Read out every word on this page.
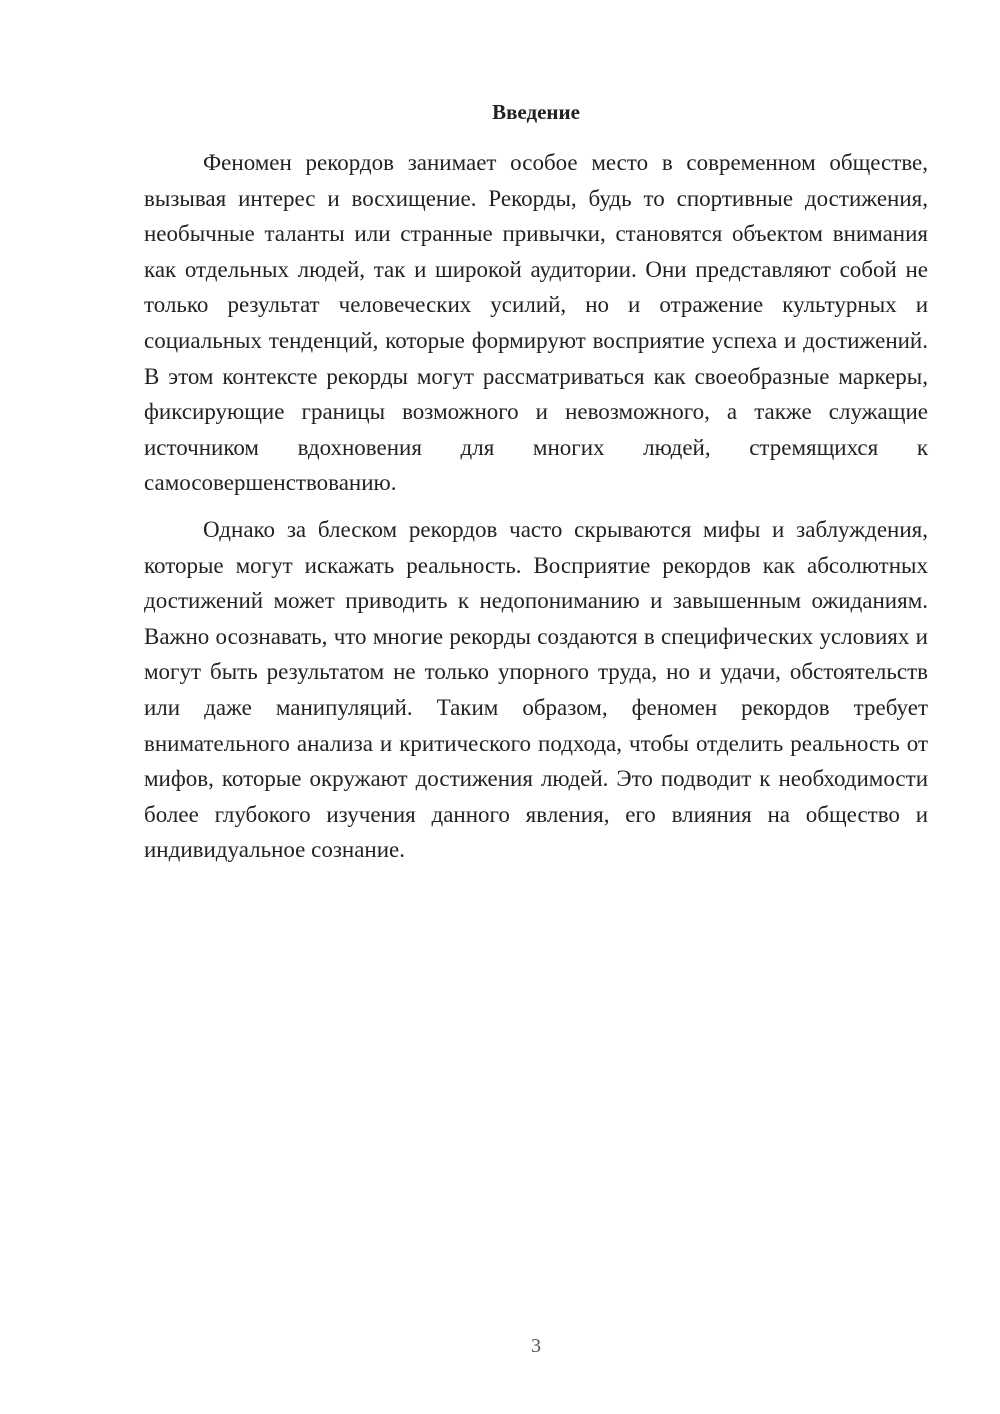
Введение

Феномен рекордов занимает особое место в современном обществе, вызывая интерес и восхищение. Рекорды, будь то спортивные достижения, необычные таланты или странные привычки, становятся объектом внимания как отдельных людей, так и широкой аудитории. Они представляют собой не только результат человеческих усилий, но и отражение культурных и социальных тенденций, которые формируют восприятие успеха и достижений. В этом контексте рекорды могут рассматриваться как своеобразные маркеры, фиксирующие границы возможного и невозможного, а также служащие источником вдохновения для многих людей, стремящихся к самосовершенствованию.

Однако за блеском рекордов часто скрываются мифы и заблуждения, которые могут искажать реальность. Восприятие рекордов как абсолютных достижений может приводить к недопониманию и завышенным ожиданиям. Важно осознавать, что многие рекорды создаются в специфических условиях и могут быть результатом не только упорного труда, но и удачи, обстоятельств или даже манипуляций. Таким образом, феномен рекордов требует внимательного анализа и критического подхода, чтобы отделить реальность от мифов, которые окружают достижения людей. Это подводит к необходимости более глубокого изучения данного явления, его влияния на общество и индивидуальное сознание.

3
